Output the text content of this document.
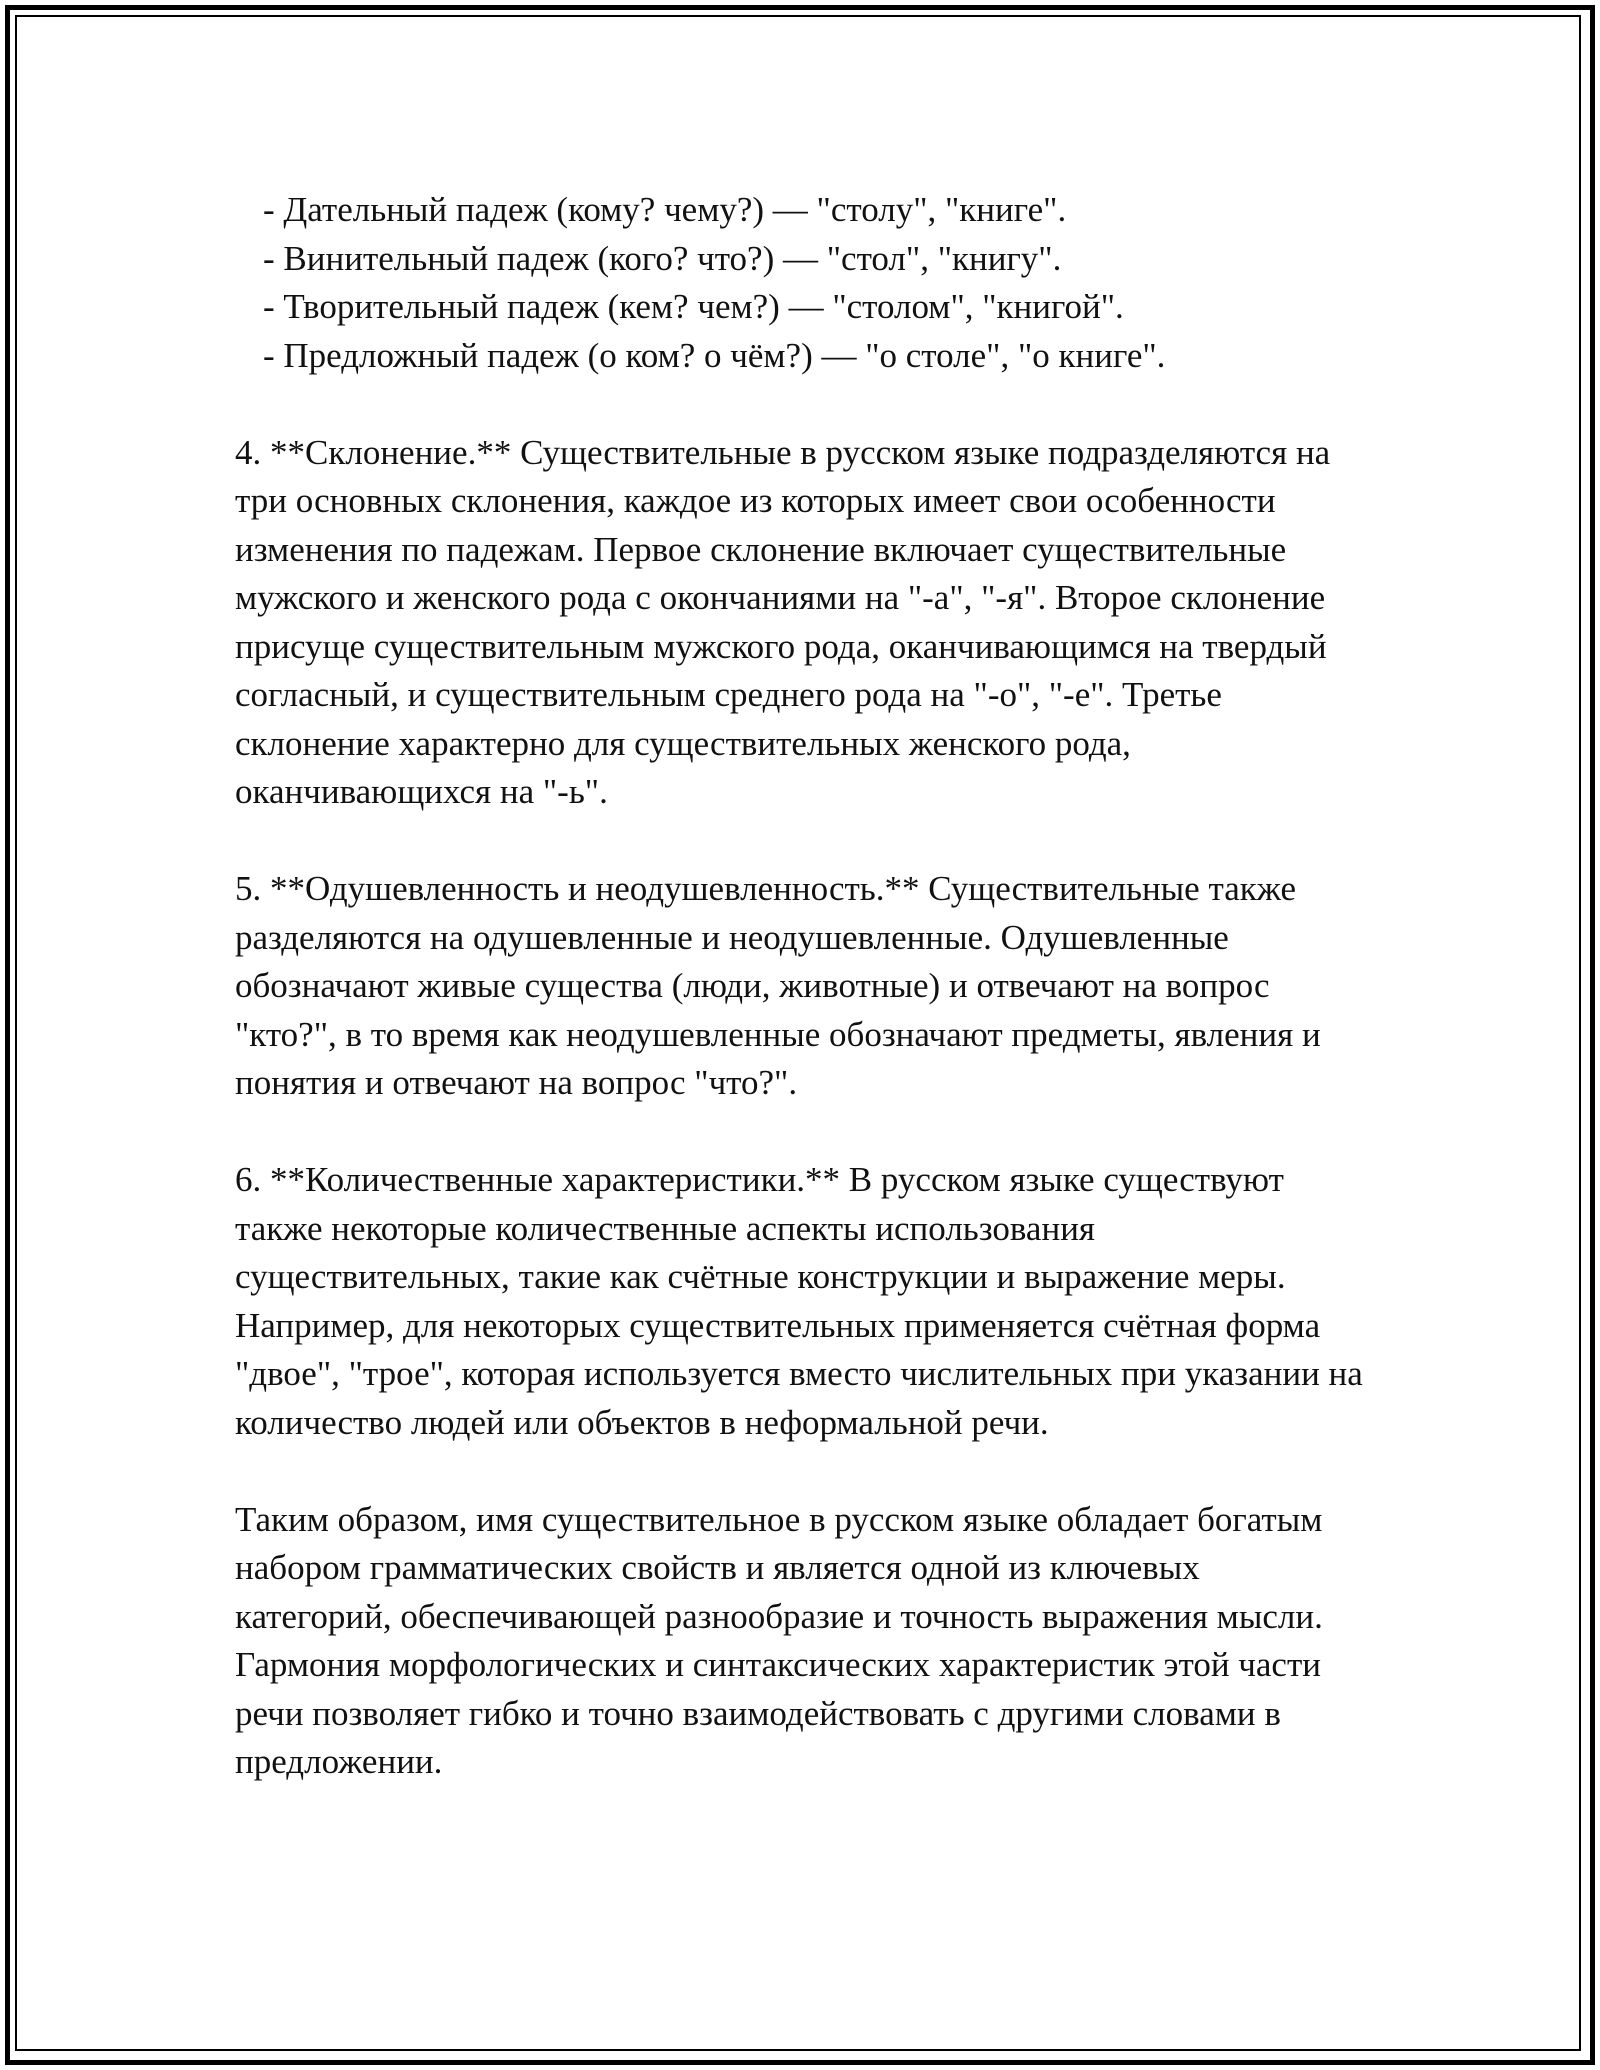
- Дательный падеж (кому? чему?) — "столу", "книге".
- Винительный падеж (кого? что?) — "стол", "книгу".
- Творительный падеж (кем? чем?) — "столом", "книгой".
- Предложный падеж (о ком? о чём?) — "о столе", "о книге".

4. **Склонение.** Существительные в русском языке подразделяются на три основных склонения, каждое из которых имеет свои особенности изменения по падежам. Первое склонение включает существительные мужского и женского рода с окончаниями на "-а", "-я". Второе склонение присуще существительным мужского рода, оканчивающимся на твердый согласный, и существительным среднего рода на "-о", "-е". Третье склонение характерно для существительных женского рода, оканчивающихся на "-ь".

5. **Одушевленность и неодушевленность.** Существительные также разделяются на одушевленные и неодушевленные. Одушевленные обозначают живые существа (люди, животные) и отвечают на вопрос "кто?", в то время как неодушевленные обозначают предметы, явления и понятия и отвечают на вопрос "что?".

6. **Количественные характеристики.** В русском языке существуют также некоторые количественные аспекты использования существительных, такие как счётные конструкции и выражение меры. Например, для некоторых существительных применяется счётная форма "двое", "трое", которая используется вместо числительных при указании на количество людей или объектов в неформальной речи.

Таким образом, имя существительное в русском языке обладает богатым набором грамматических свойств и является одной из ключевых категорий, обеспечивающей разнообразие и точность выражения мысли. Гармония морфологических и синтаксических характеристик этой части речи позволяет гибко и точно взаимодействовать с другими словами в предложении.
